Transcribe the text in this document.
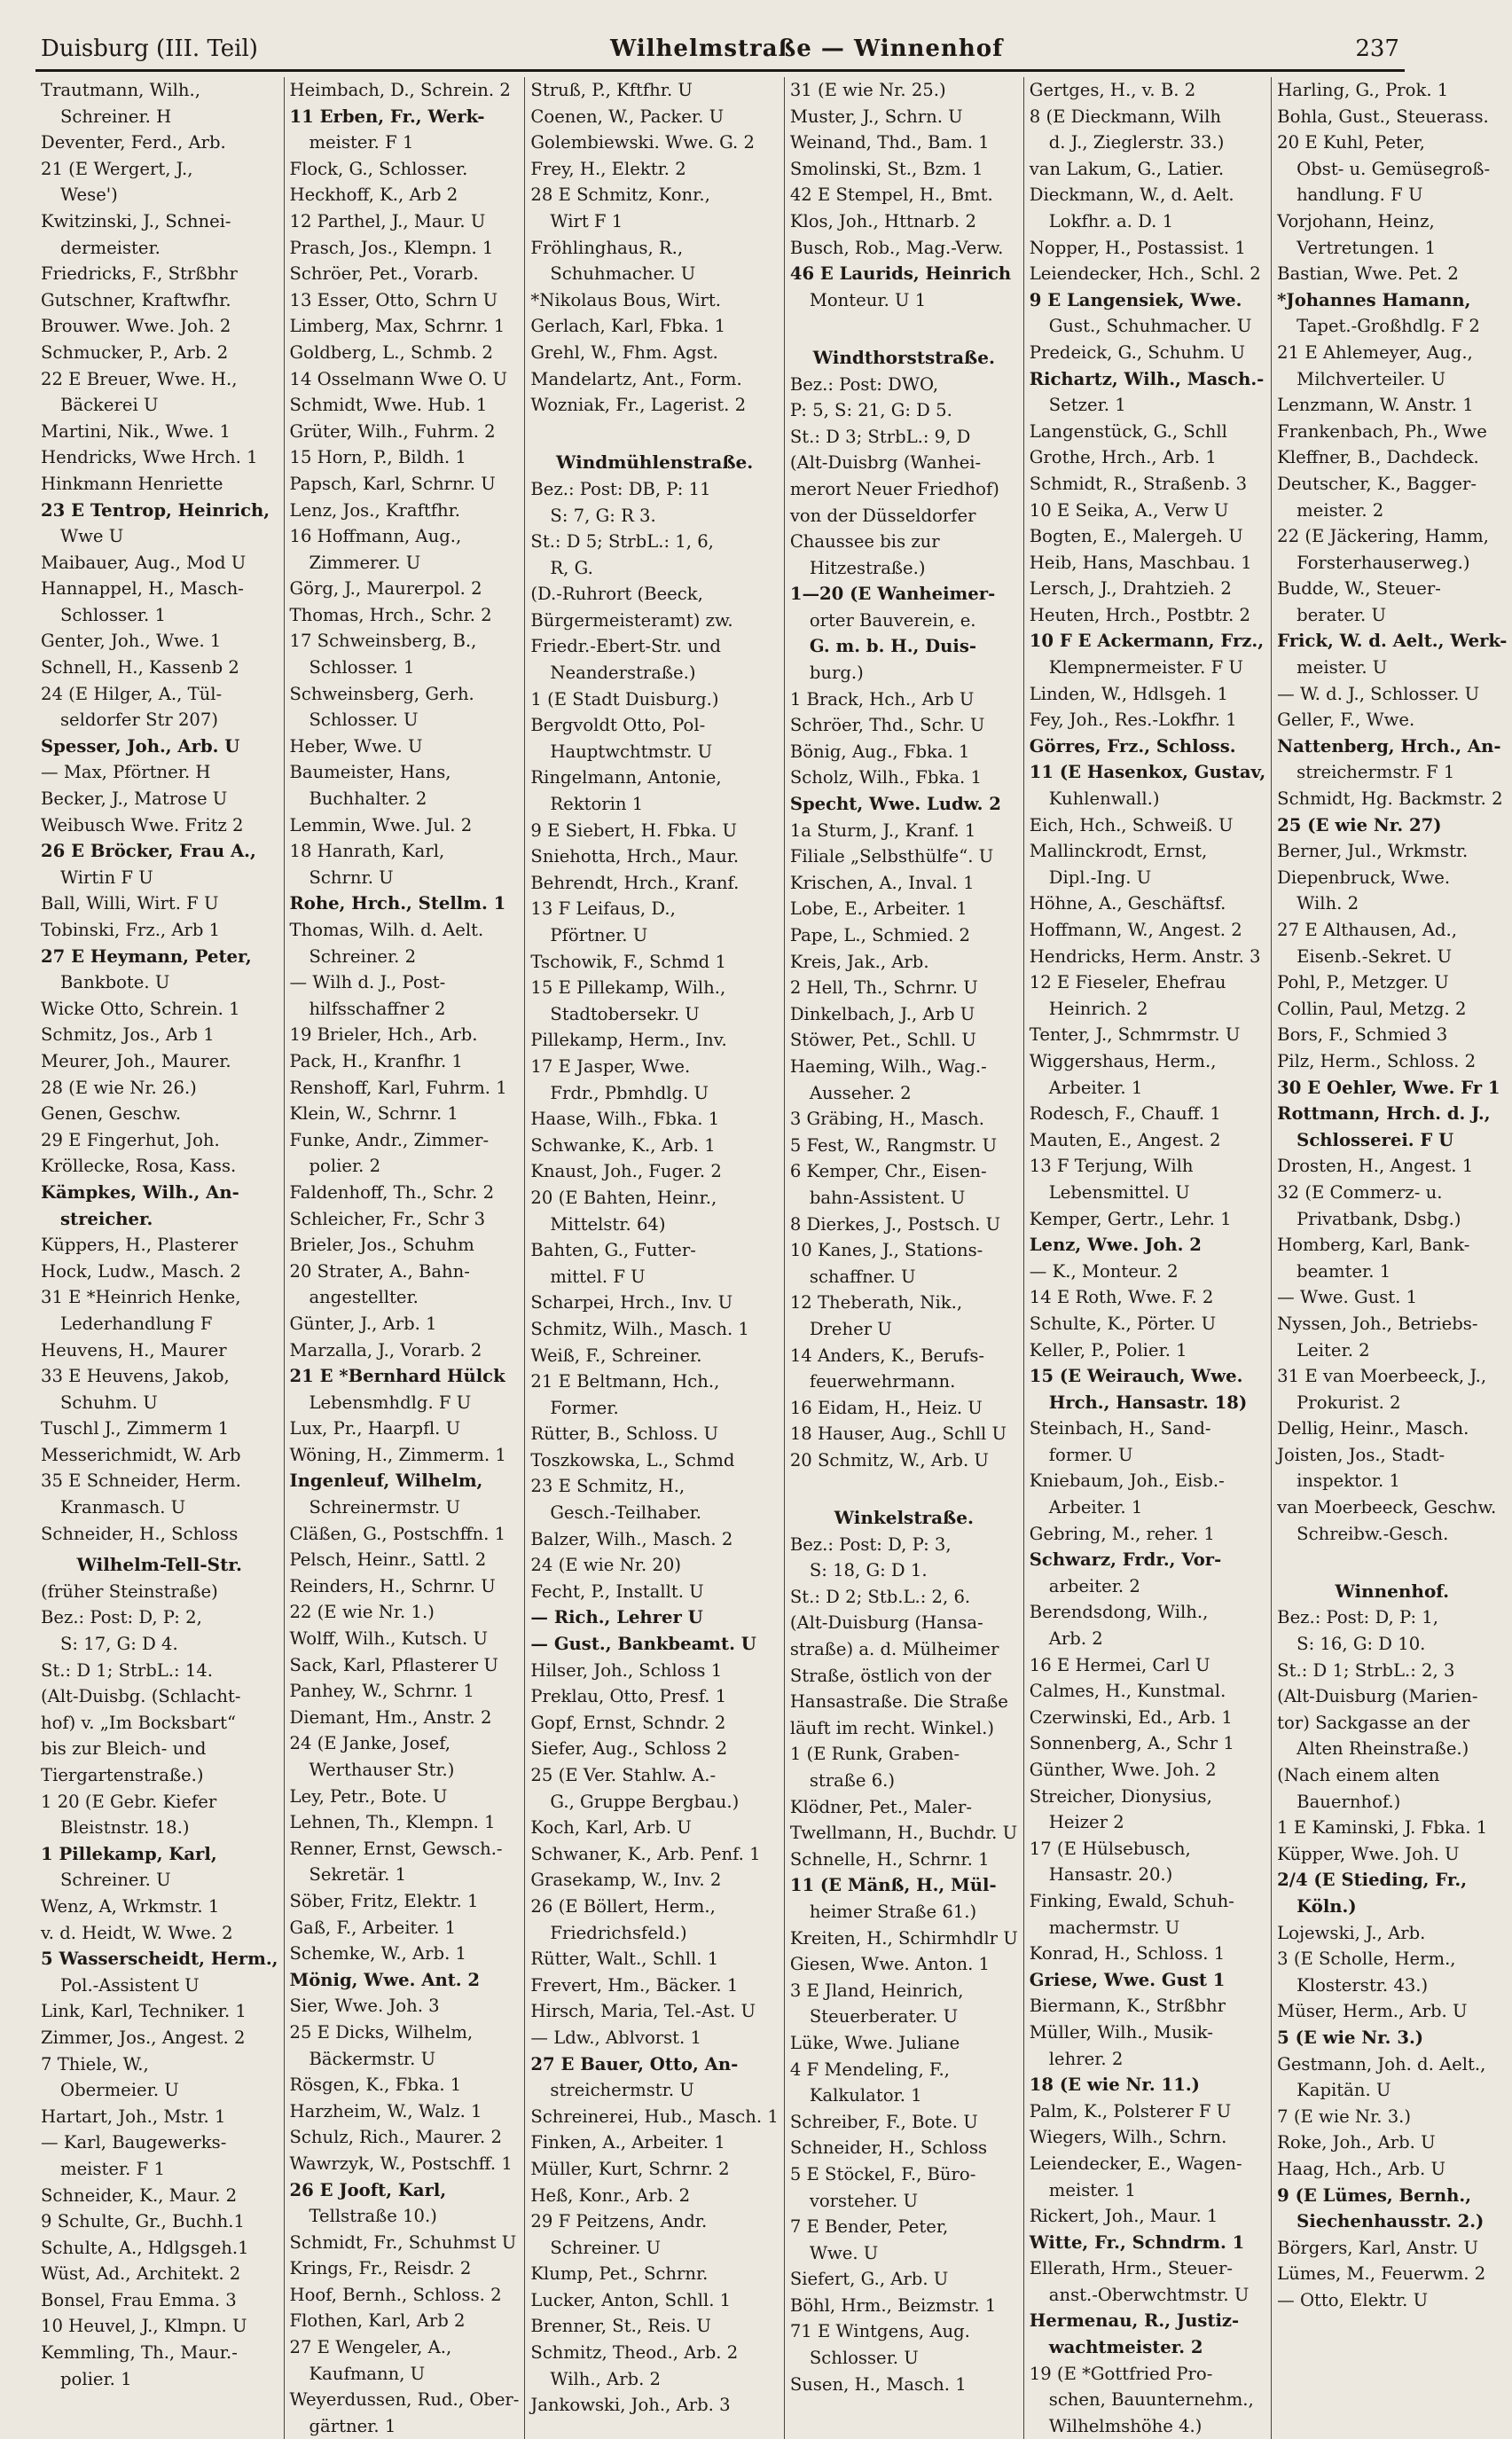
Duisburg (III. Teil)	Wilhelmstraße — Winnenhof	237
Trautmann, Wilh.,
Schreiner. H
Deventer, Ferd., Arb.
21 (E Wergert, J.,
Wese')
Kwitzinski, J., Schnei-
dermeister.
Friedricks, F., Strßbhr
Gutschner, Kraftwfhr.
Brouwer. Wwe. Joh. 2
Schmucker, P., Arb. 2
22 E Breuer, Wwe. H.,
Bäckerei U
Martini, Nik., Wwe. 1
Hendricks, Wwe Hrch. 1
Hinkmann Henriette
23 E Tentrop, Heinrich,
Wwe U
Maibauer, Aug., Mod U
Hannappel, H., Masch-
Schlosser. 1
Genter, Joh., Wwe. 1
Schnell, H., Kassenb 2
24 (E Hilger, A., Tül-
seldorfer Str 207)
Spesser, Joh., Arb. U
— Max, Pförtner. H
Becker, J., Matrose U
Weibusch Wwe. Fritz 2
26 E Bröcker, Frau A.,
Wirtin F U
Ball, Willi, Wirt. F U
Tobinski, Frz., Arb 1
27 E Heymann, Peter,
Bankbote. U
Wicke Otto, Schrein. 1
Schmitz, Jos., Arb 1
Meurer, Joh., Maurer.
28 (E wie Nr. 26.)
Genen, Geschw.
29 E Fingerhut, Joh.
Kröllecke, Rosa, Kass.
Kämpkes, Wilh., An-
streicher.
Küppers, H., Plasterer
Hock, Ludw., Masch. 2
31 E *Heinrich Henke,
Lederhandlung F
Heuvens, H., Maurer
33 E Heuvens, Jakob,
Schuhm. U
Tuschl J., Zimmerm 1
Messerichmidt, W. Arb
35 E Schneider, Herm.
Kranmasch. U
Schneider, H., Schloss
Wilhelm-Tell-Str.
(früher Steinstraße)
Bez.: Post: D, P: 2,
S: 17, G: D 4.
St.: D 1; StrbL.: 14.
(Alt-Duisbg. (Schlacht-
hof) v. „Im Bocksbart“
bis zur Bleich- und
Tiergartenstraße.)
1 20 (E Gebr. Kiefer
Bleistnstr. 18.)
1 Pillekamp, Karl,
Schreiner. U
Wenz, A, Wrkmstr. 1
v. d. Heidt, W. Wwe. 2
5 Wasserscheidt, Herm.,
Pol.-Assistent U
Link, Karl, Techniker. 1
Zimmer, Jos., Angest. 2
7 Thiele, W.,
Obermeier. U
Hartart, Joh., Mstr. 1
— Karl, Baugewerks-
meister. F 1
Schneider, K., Maur. 2
9 Schulte, Gr., Buchh.1
Schulte, A., Hdlgsgeh.1
Wüst, Ad., Architekt. 2
Bonsel, Frau Emma. 3
10 Heuvel, J., Klmpn. U
Kemmling, Th., Maur.-
polier. 1
Heimbach, D., Schrein. 2
11 Erben, Fr., Werk-
meister. F 1
Flock, G., Schlosser.
Heckhoff, K., Arb 2
12 Parthel, J., Maur. U
Prasch, Jos., Klempn. 1
Schröer, Pet., Vorarb.
13 Esser, Otto, Schrn U
Limberg, Max, Schrnr. 1
Goldberg, L., Schmb. 2
14 Osselmann Wwe O. U
Schmidt, Wwe. Hub. 1
Grüter, Wilh., Fuhrm. 2
15 Horn, P., Bildh. 1
Papsch, Karl, Schrnr. U
Lenz, Jos., Kraftfhr.
16 Hoffmann, Aug.,
Zimmerer. U
Görg, J., Maurerpol. 2
Thomas, Hrch., Schr. 2
17 Schweinsberg, B.,
Schlosser. 1
Schweinsberg, Gerh.
Schlosser. U
Heber, Wwe. U
Baumeister, Hans,
Buchhalter. 2
Lemmin, Wwe. Jul. 2
18 Hanrath, Karl,
Schrnr. U
Rohe, Hrch., Stellm. 1
Thomas, Wilh. d. Aelt.
Schreiner. 2
— Wilh d. J., Post-
hilfsschaffner 2
19 Brieler, Hch., Arb.
Pack, H., Kranfhr. 1
Renshoff, Karl, Fuhrm. 1
Klein, W., Schrnr. 1
Funke, Andr., Zimmer-
polier. 2
Faldenhoff, Th., Schr. 2
Schleicher, Fr., Schr 3
Brieler, Jos., Schuhm
20 Strater, A., Bahn-
angestellter.
Günter, J., Arb. 1
Marzalla, J., Vorarb. 2
21 E *Bernhard Hülck
Lebensmhdlg. F U
Lux, Pr., Haarpfl. U
Wöning, H., Zimmerm. 1
Ingenleuf, Wilhelm,
Schreinermstr. U
Cläßen, G., Postschffn. 1
Pelsch, Heinr., Sattl. 2
Reinders, H., Schrnr. U
22 (E wie Nr. 1.)
Wolff, Wilh., Kutsch. U
Sack, Karl, Pflasterer U
Panhey, W., Schrnr. 1
Diemant, Hm., Anstr. 2
24 (E Janke, Josef,
Werthauser Str.)
Ley, Petr., Bote. U
Lehnen, Th., Klempn. 1
Renner, Ernst, Gewsch.-
Sekretär. 1
Söber, Fritz, Elektr. 1
Gaß, F., Arbeiter. 1
Schemke, W., Arb. 1
Mönig, Wwe. Ant. 2
Sier, Wwe. Joh. 3
25 E Dicks, Wilhelm,
Bäckermstr. U
Rösgen, K., Fbka. 1
Harzheim, W., Walz. 1
Schulz, Rich., Maurer. 2
Wawrzyk, W., Postschff. 1
26 E Jooft, Karl,
Tellstraße 10.)
Schmidt, Fr., Schuhmst U
Krings, Fr., Reisdr. 2
Hoof, Bernh., Schloss. 2
Flothen, Karl, Arb 2
27 E Wengeler, A.,
Kaufmann, U
Weyerdussen, Rud., Ober-
gärtner. 1
Struß, P., Kftfhr. U
Coenen, W., Packer. U
Golembiewski. Wwe. G. 2
Frey, H., Elektr. 2
28 E Schmitz, Konr.,
Wirt F 1
Fröhlinghaus, R.,
Schuhmacher. U
*Nikolaus Bous, Wirt.
Gerlach, Karl, Fbka. 1
Grehl, W., Fhm. Agst.
Mandelartz, Ant., Form.
Wozniak, Fr., Lagerist. 2

Windmühlenstraße.
Bez.: Post: DB, P: 11
S: 7, G: R 3.
St.: D 5; StrbL.: 1, 6,
R, G.
(D.-Ruhrort (Beeck,
Bürgermeisteramt) zw.
Friedr.-Ebert-Str. und
Neanderstraße.)
1 (E Stadt Duisburg.)
Bergvoldt Otto, Pol-
Hauptwchtmstr. U
Ringelmann, Antonie,
Rektorin 1
9 E Siebert, H. Fbka. U
Sniehotta, Hrch., Maur.
Behrendt, Hrch., Kranf.
13 F Leifaus, D.,
Pförtner. U
Tschowik, F., Schmd 1
15 E Pillekamp, Wilh.,
Stadtobersekr. U
Pillekamp, Herm., Inv.
17 E Jasper, Wwe.
Frdr., Pbmhdlg. U
Haase, Wilh., Fbka. 1
Schwanke, K., Arb. 1
Knaust, Joh., Fuger. 2
20 (E Bahten, Heinr.,
Mittelstr. 64)
Bahten, G., Futter-
mittel. F U
Scharpei, Hrch., Inv. U
Schmitz, Wilh., Masch. 1
Weiß, F., Schreiner.
21 E Beltmann, Hch.,
Former.
Rütter, B., Schloss. U
Toszkowska, L., Schmd
23 E Schmitz, H.,
Gesch.-Teilhaber.
Balzer, Wilh., Masch. 2
24 (E wie Nr. 20)
Fecht, P., Installt. U
— Rich., Lehrer U
— Gust., Bankbeamt. U
Hilser, Joh., Schloss 1
Preklau, Otto, Presf. 1
Gopf, Ernst, Schndr. 2
Siefer, Aug., Schloss 2
25 (E Ver. Stahlw. A.-
G., Gruppe Bergbau.)
Koch, Karl, Arb. U
Schwaner, K., Arb. Penf. 1
Grasekamp, W., Inv. 2
26 (E Böllert, Herm.,
Friedrichsfeld.)
Rütter, Walt., Schll. 1
Frevert, Hm., Bäcker. 1
Hirsch, Maria, Tel.-Ast. U
— Ldw., Ablvorst. 1
27 E Bauer, Otto, An-
streichermstr. U
Schreinerei, Hub., Masch. 1
Finken, A., Arbeiter. 1
Müller, Kurt, Schrnr. 2
Heß, Konr., Arb. 2
29 F Peitzens, Andr.
Schreiner. U
Klump, Pet., Schrnr.
Lucker, Anton, Schll. 1
Brenner, St., Reis. U
Schmitz, Theod., Arb. 2
Wilh., Arb. 2
Jankowski, Joh., Arb. 3
31 (E wie Nr. 25.)
Muster, J., Schrn. U
Weinand, Thd., Bam. 1
Smolinski, St., Bzm. 1
42 E Stempel, H., Bmt.
Klos, Joh., Httnarb. 2
Busch, Rob., Mag.-Verw.
46 E Laurids, Heinrich
Monteur. U 1

Windthorststraße.
Bez.: Post: DWO,
P: 5, S: 21, G: D 5.
St.: D 3; StrbL.: 9, D
(Alt-Duisbrg (Wanhei-
merort Neuer Friedhof)
von der Düsseldorfer
Chaussee bis zur
Hitzestraße.)
1—20 (E Wanheimer-
orter Bauverein, e.
G. m. b. H., Duis-
burg.)
1 Brack, Hch., Arb U
Schröer, Thd., Schr. U
Bönig, Aug., Fbka. 1
Scholz, Wilh., Fbka. 1
Specht, Wwe. Ludw. 2
1a Sturm, J., Kranf. 1
Filiale „Selbsthülfe“. U
Krischen, A., Inval. 1
Lobe, E., Arbeiter. 1
Pape, L., Schmied. 2
Kreis, Jak., Arb.
2 Hell, Th., Schrnr. U
Dinkelbach, J., Arb U
Stöwer, Pet., Schll. U
Haeming, Wilh., Wag.-
Ausseher. 2
3 Gräbing, H., Masch.
5 Fest, W., Rangmstr. U
6 Kemper, Chr., Eisen-
bahn-Assistent. U
8 Dierkes, J., Postsch. U
10 Kanes, J., Stations-
schaffner. U
12 Theberath, Nik.,
Dreher U
14 Anders, K., Berufs-
feuerwehrmann.
16 Eidam, H., Heiz. U
18 Hauser, Aug., Schll U
20 Schmitz, W., Arb. U

Winkelstraße.
Bez.: Post: D, P: 3,
S: 18, G: D 1.
St.: D 2; Stb.L.: 2, 6.
(Alt-Duisburg (Hansa-
straße) a. d. Mülheimer
Straße, östlich von der
Hansastraße. Die Straße
läuft im recht. Winkel.)
1 (E Runk, Graben-
straße 6.)
Klödner, Pet., Maler-
Twellmann, H., Buchdr. U
Schnelle, H., Schrnr. 1
11 (E Mänß, H., Mül-
heimer Straße 61.)
Kreiten, H., Schirmhdlr U
Giesen, Wwe. Anton. 1
3 E Jland, Heinrich,
Steuerberater. U
Lüke, Wwe. Juliane
4 F Mendeling, F.,
Kalkulator. 1
Schreiber, F., Bote. U
Schneider, H., Schloss
5 E Stöckel, F., Büro-
vorsteher. U
7 E Bender, Peter,
Wwe. U
Siefert, G., Arb. U
Böhl, Hrm., Beizmstr. 1
71 E Wintgens, Aug.
Schlosser. U
Susen, H., Masch. 1
Gertges, H., v. B. 2
8 (E Dieckmann, Wilh
d. J., Zieglerstr. 33.)
van Lakum, G., Latier.
Dieckmann, W., d. Aelt.
Lokfhr. a. D. 1
Nopper, H., Postassist. 1
Leiendecker, Hch., Schl. 2
9 E Langensiek, Wwe.
Gust., Schuhmacher. U
Predeick, G., Schuhm. U
Richartz, Wilh., Masch.-
Setzer. 1
Langenstück, G., Schll
Grothe, Hrch., Arb. 1
Schmidt, R., Straßenb. 3
10 E Seika, A., Verw U
Bogten, E., Malergeh. U
Heib, Hans, Maschbau. 1
Lersch, J., Drahtzieh. 2
Heuten, Hrch., Postbtr. 2
10 F E Ackermann, Frz.,
Klempnermeister. F U
Linden, W., Hdlsgeh. 1
Fey, Joh., Res.-Lokfhr. 1
Görres, Frz., Schloss.
11 (E Hasenkox, Gustav,
Kuhlenwall.)
Eich, Hch., Schweiß. U
Mallinckrodt, Ernst,
Dipl.-Ing. U
Höhne, A., Geschäftsf.
Hoffmann, W., Angest. 2
Hendricks, Herm. Anstr. 3
12 E Fieseler, Ehefrau
Heinrich. 2
Tenter, J., Schmrmstr. U
Wiggershaus, Herm.,
Arbeiter. 1
Rodesch, F., Chauff. 1
Mauten, E., Angest. 2
13 F Terjung, Wilh
Lebensmittel. U
Kemper, Gertr., Lehr. 1
Lenz, Wwe. Joh. 2
— K., Monteur. 2
14 E Roth, Wwe. F. 2
Schulte, K., Pörter. U
Keller, P., Polier. 1
15 (E Weirauch, Wwe.
Hrch., Hansastr. 18)
Steinbach, H., Sand-
former. U
Kniebaum, Joh., Eisb.-
Arbeiter. 1
Gebring, M., reher. 1
Schwarz, Frdr., Vor-
arbeiter. 2
Berendsdong, Wilh.,
Arb. 2
16 E Hermei, Carl U
Calmes, H., Kunstmal.
Czerwinski, Ed., Arb. 1
Sonnenberg, A., Schr 1
Günther, Wwe. Joh. 2
Streicher, Dionysius,
Heizer 2
17 (E Hülsebusch,
Hansastr. 20.)
Finking, Ewald, Schuh-
machermstr. U
Konrad, H., Schloss. 1
Griese, Wwe. Gust 1
Biermann, K., Strßbhr
Müller, Wilh., Musik-
lehrer. 2
18 (E wie Nr. 11.)
Palm, K., Polsterer F U
Wiegers, Wilh., Schrn.
Leiendecker, E., Wagen-
meister. 1
Rickert, Joh., Maur. 1
Witte, Fr., Schndrm. 1
Ellerath, Hrm., Steuer-
anst.-Oberwchtmstr. U
Hermenau, R., Justiz-
wachtmeister. 2
19 (E *Gottfried Pro-
schen, Bauunternehm.,
Wilhelmshöhe 4.)
Harling, G., Prok. 1
Bohla, Gust., Steuerass.
20 E Kuhl, Peter,
Obst- u. Gemüsegroß-
handlung. F U
Vorjohann, Heinz,
Vertretungen. 1
Bastian, Wwe. Pet. 2
*Johannes Hamann,
Tapet.-Großhdlg. F 2
21 E Ahlemeyer, Aug.,
Milchverteiler. U
Lenzmann, W. Anstr. 1
Frankenbach, Ph., Wwe
Kleffner, B., Dachdeck.
Deutscher, K., Bagger-
meister. 2
22 (E Jäckering, Hamm,
Forsterhauserweg.)
Budde, W., Steuer-
berater. U
Frick, W. d. Aelt., Werk-
meister. U
— W. d. J., Schlosser. U
Geller, F., Wwe.
Nattenberg, Hrch., An-
streichermstr. F 1
Schmidt, Hg. Backmstr. 2
25 (E wie Nr. 27)
Berner, Jul., Wrkmstr.
Diepenbruck, Wwe.
Wilh. 2
27 E Althausen, Ad.,
Eisenb.-Sekret. U
Pohl, P., Metzger. U
Collin, Paul, Metzg. 2
Bors, F., Schmied 3
Pilz, Herm., Schloss. 2
30 E Oehler, Wwe. Fr 1
Rottmann, Hrch. d. J.,
Schlosserei. F U
Drosten, H., Angest. 1
32 (E Commerz- u.
Privatbank, Dsbg.)
Homberg, Karl, Bank-
beamter. 1
— Wwe. Gust. 1
Nyssen, Joh., Betriebs-
Leiter. 2
31 E van Moerbeeck, J.,
Prokurist. 2
Dellig, Heinr., Masch.
Joisten, Jos., Stadt-
inspektor. 1
van Moerbeeck, Geschw.
Schreibw.-Gesch.

Winnenhof.
Bez.: Post: D, P: 1,
S: 16, G: D 10.
St.: D 1; StrbL.: 2, 3
(Alt-Duisburg (Marien-
tor) Sackgasse an der
Alten Rheinstraße.)
(Nach einem alten
Bauernhof.)
1 E Kaminski, J. Fbka. 1
Küpper, Wwe. Joh. U
2/4 (E Stieding, Fr.,
Köln.)
Lojewski, J., Arb.
3 (E Scholle, Herm.,
Klosterstr. 43.)
Müser, Herm., Arb. U
5 (E wie Nr. 3.)
Gestmann, Joh. d. Aelt.,
Kapitän. U
7 (E wie Nr. 3.)
Roke, Joh., Arb. U
Haag, Hch., Arb. U
9 (E Lümes, Bernh.,
Siechenhausstr. 2.)
Börgers, Karl, Anstr. U
Lümes, M., Feuerwm. 2
— Otto, Elektr. U
